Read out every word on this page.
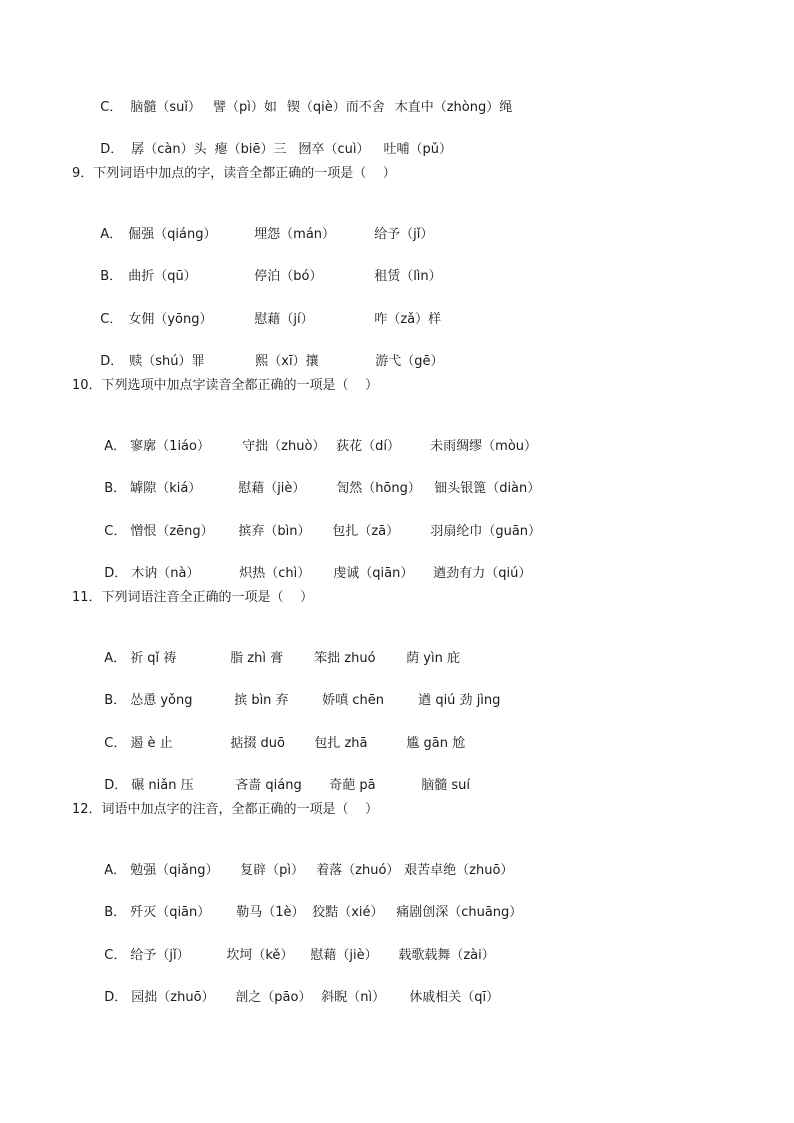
C． 脑髓（suǐ） 譬（pì）如 锲（qiè）而不舍 木直中（zhòng）绳

D． 孱（càn）头 瘪（biē）三 囫卒（cuì） 吐哺（pǔ）

9．下列词语中加点的字，读音全都正确的一项是（    ）

A． 倔强（qiáng）	埋怨（mán）	给予（jǐ）

B． 曲折（qū）	停泊（bó）	租赁（lìn）

C． 女佣（yōng）	慰藉（jí）	咋（zǎ）样

D． 赎（shú）罪	熙（xī）攘	游弋（gē）

10．下列选项中加点字读音全都正确的一项是（    ）

A． 寥廓（1iáo） 守拙（zhuò） 荻花（dí） 未雨绸缪（mòu）

B． 罅隙（kiá）	慰藉（jiè） 訇然（hōng） 钿头银篦（diàn）

C． 憎恨（zēng） 摈弃（bìn） 包扎（zā） 羽扇纶巾（guān）

D． 木讷（nà）	炽热（chì） 虔诚（qiān） 遒劲有力（qiú）

11．下列词语注音全正确的一项是（    ）

A． 祈 qǐ 祷	脂 zhì 膏 笨拙 zhuó 荫 yìn 庇

B． 怂恿 yǒng	摈 bìn 弃	娇嗔 chēn	遒 qiú 劲 jìng

C． 遏 è 止	掂掇 duō 包扎 zhā	尴 gān 尬

D． 碾 niǎn 压	吝啬 qiáng 奇葩 pā	脑髓 suí

12．词语中加点字的注音，全都正确的一项是（    ）

A． 勉强（qiǎng） 复辟（pì） 着落（zhuó） 艰苦卓绝（zhuō）

B． 歼灭（qiān） 勒马（1è） 狡黠（xié） 痛剧创深（chuāng）

C． 给予（jǐ）	坎坷（kě） 慰藉（jiè） 载歌载舞（zài）

D． 园拙（zhuō） 剖之（pāo） 斜睨（nì） 休戚相关（qī）
